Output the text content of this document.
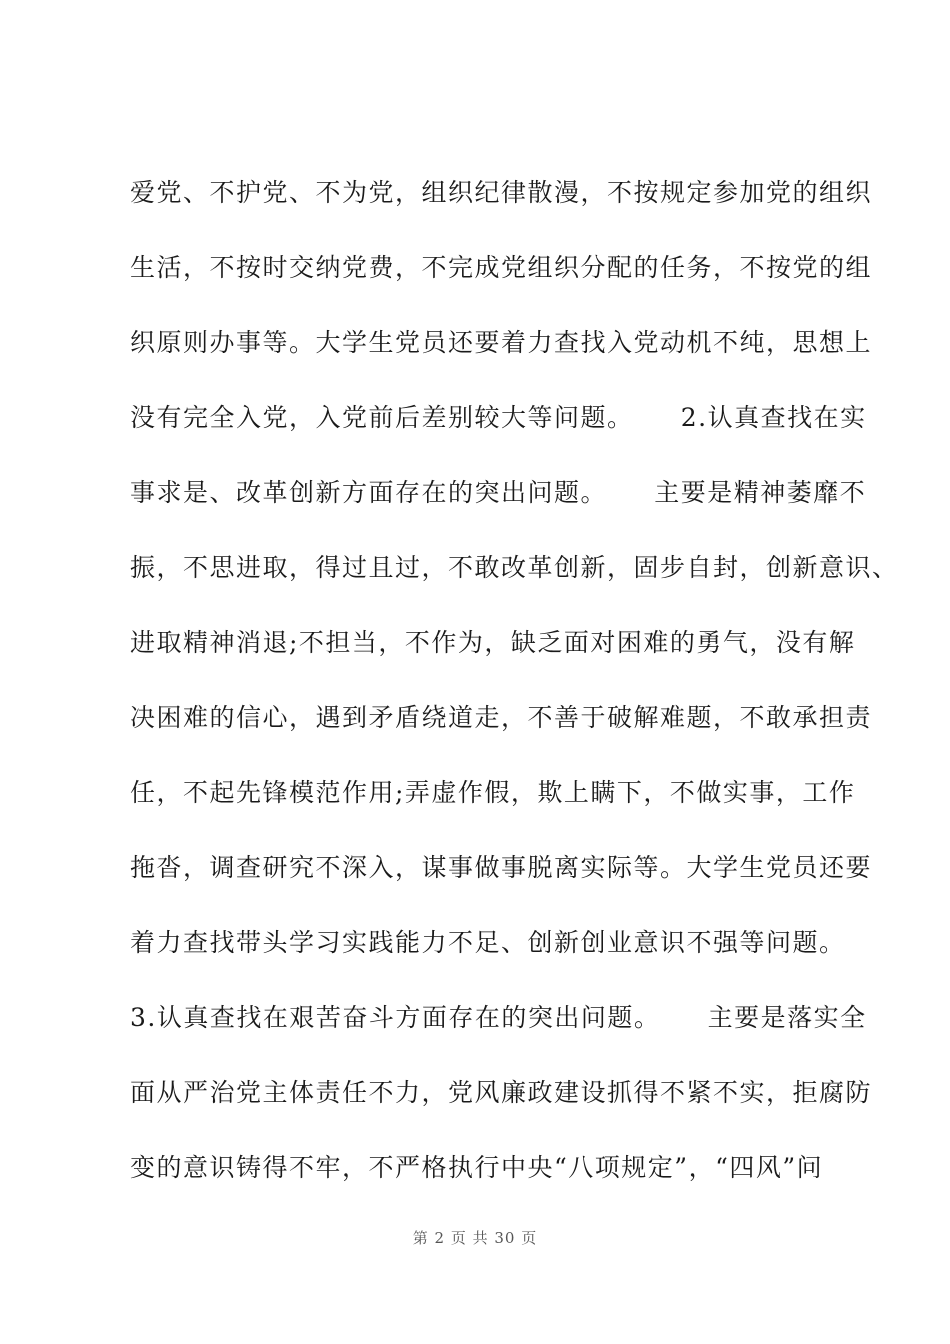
爱党、不护党、不为党，组织纪律散漫，不按规定参加党的组织
生活，不按时交纳党费，不完成党组织分配的任务，不按党的组
织原则办事等。大学生党员还要着力查找入党动机不纯，思想上
没有完全入党，入党前后差别较大等问题。     2.认真查找在实
事求是、改革创新方面存在的突出问题。     主要是精神萎靡不
振，不思进取，得过且过，不敢改革创新，固步自封，创新意识、
进取精神消退;不担当，不作为，缺乏面对困难的勇气，没有解
决困难的信心，遇到矛盾绕道走，不善于破解难题，不敢承担责
任，不起先锋模范作用;弄虚作假，欺上瞒下，不做实事，工作
拖沓，调查研究不深入，谋事做事脱离实际等。大学生党员还要
着力查找带头学习实践能力不足、创新创业意识不强等问题。
3.认真查找在艰苦奋斗方面存在的突出问题。     主要是落实全
面从严治党主体责任不力，党风廉政建设抓得不紧不实，拒腐防
变的意识铸得不牢，不严格执行中央“八项规定”，“四风”问
第 2 页 共 30 页
